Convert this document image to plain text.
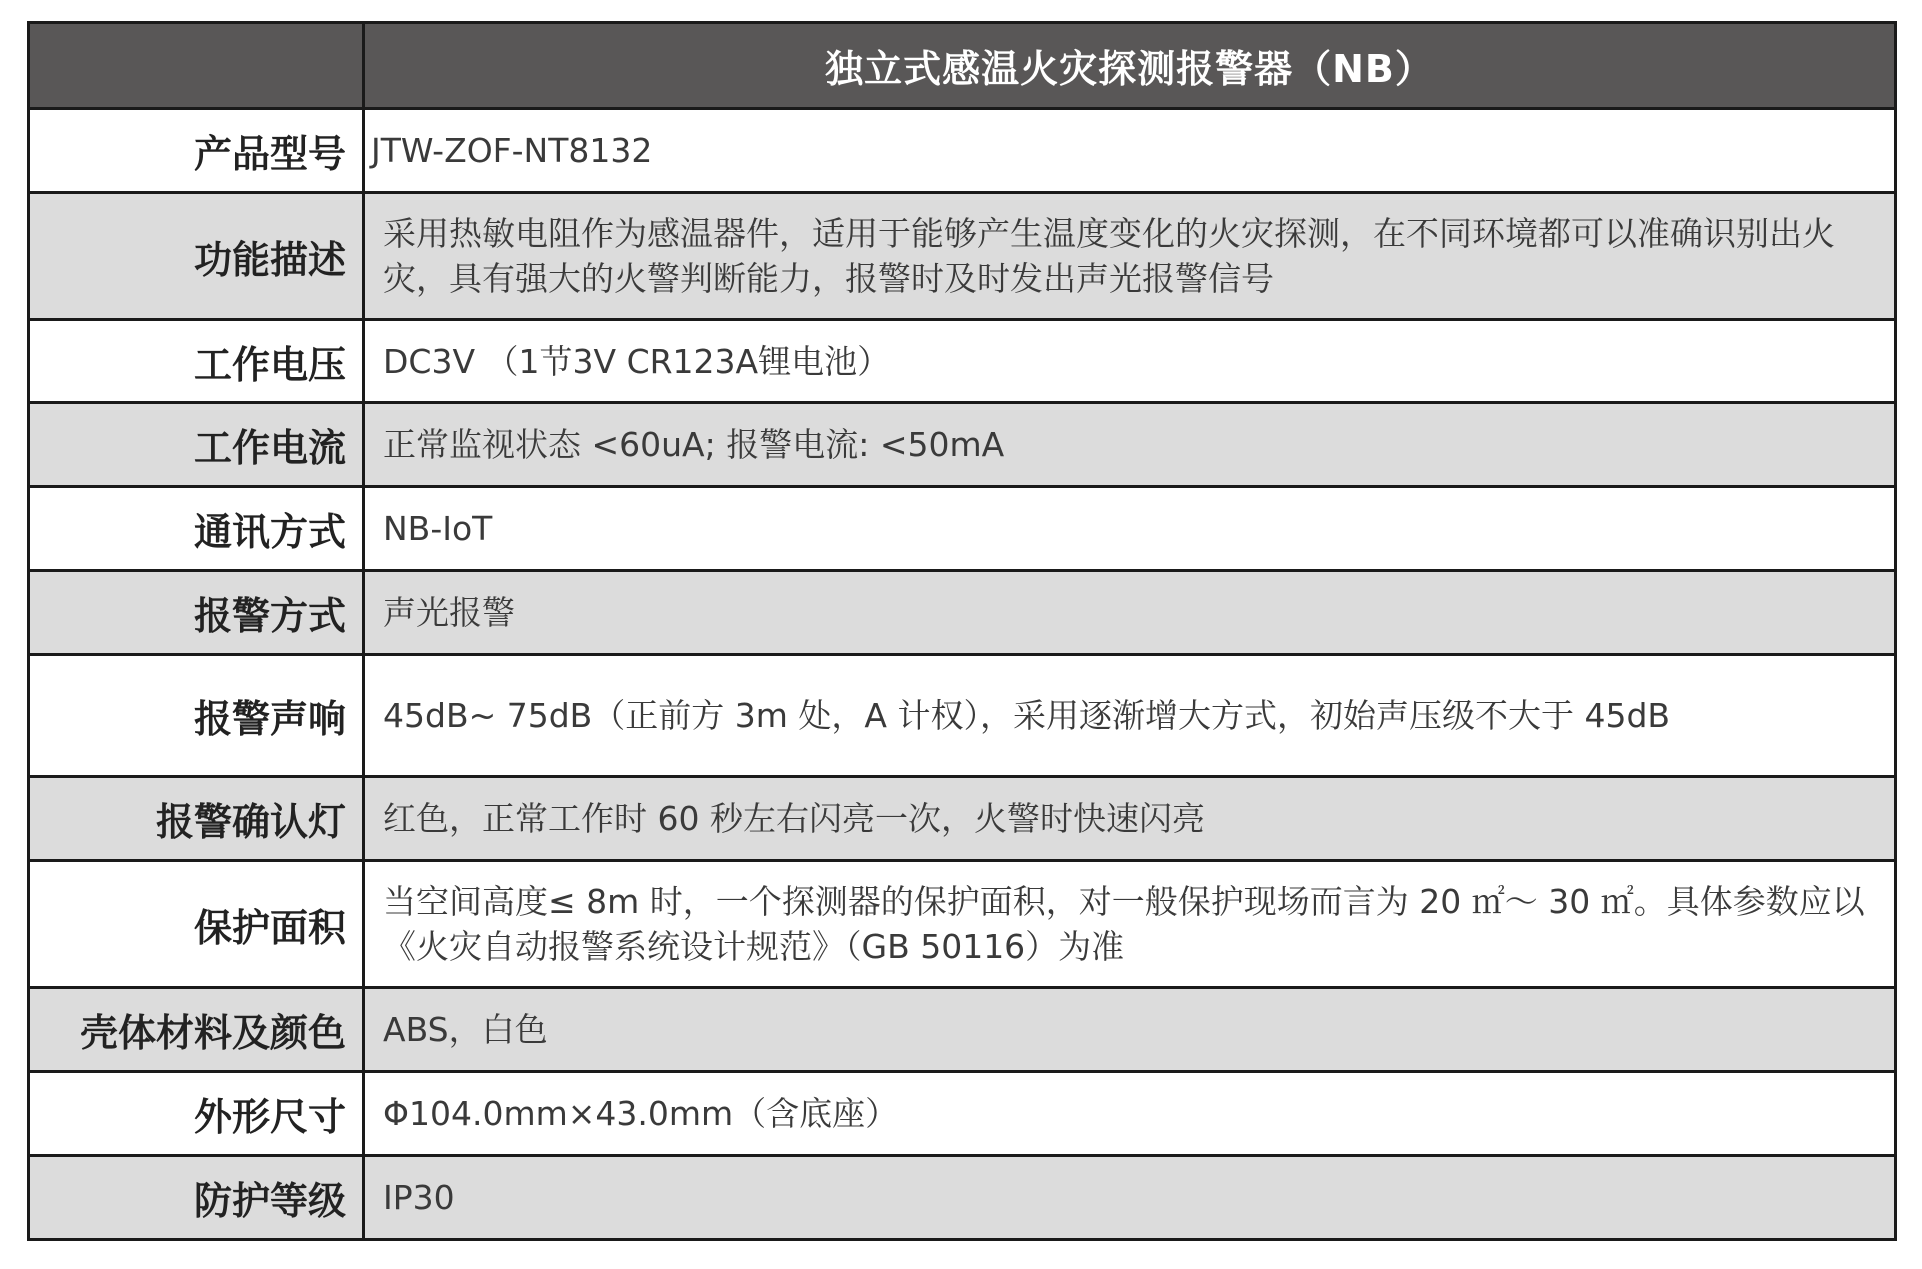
	独立式感温火灾探测报警器（NB）
产品型号	JTW-ZOF-NT8132
功能描述	采用热敏电阻作为感温器件，适用于能够产生温度变化的火灾探测，在不同环境都可以准确识别出火灾，具有强大的火警判断能力，报警时及时发出声光报警信号
工作电压	DC3V （1节3V CR123A锂电池）
工作电流	正常监视状态 <60uA; 报警电流: <50mA
通讯方式	NB-IoT
报警方式	声光报警
报警声响	45dB~ 75dB（正前方 3m 处，A 计权），采用逐渐增大方式，初始声压级不大于 45dB
报警确认灯	红色，正常工作时 60 秒左右闪亮一次，火警时快速闪亮
保护面积	当空间高度≤ 8m 时，一个探测器的保护面积，对一般保护现场而言为 20 ㎡～ 30 ㎡。具体参数应以《火灾自动报警系统设计规范》（GB 50116）为准
壳体材料及颜色	ABS，白色
外形尺寸	Φ104.0mm×43.0mm（含底座）
防护等级	IP30
